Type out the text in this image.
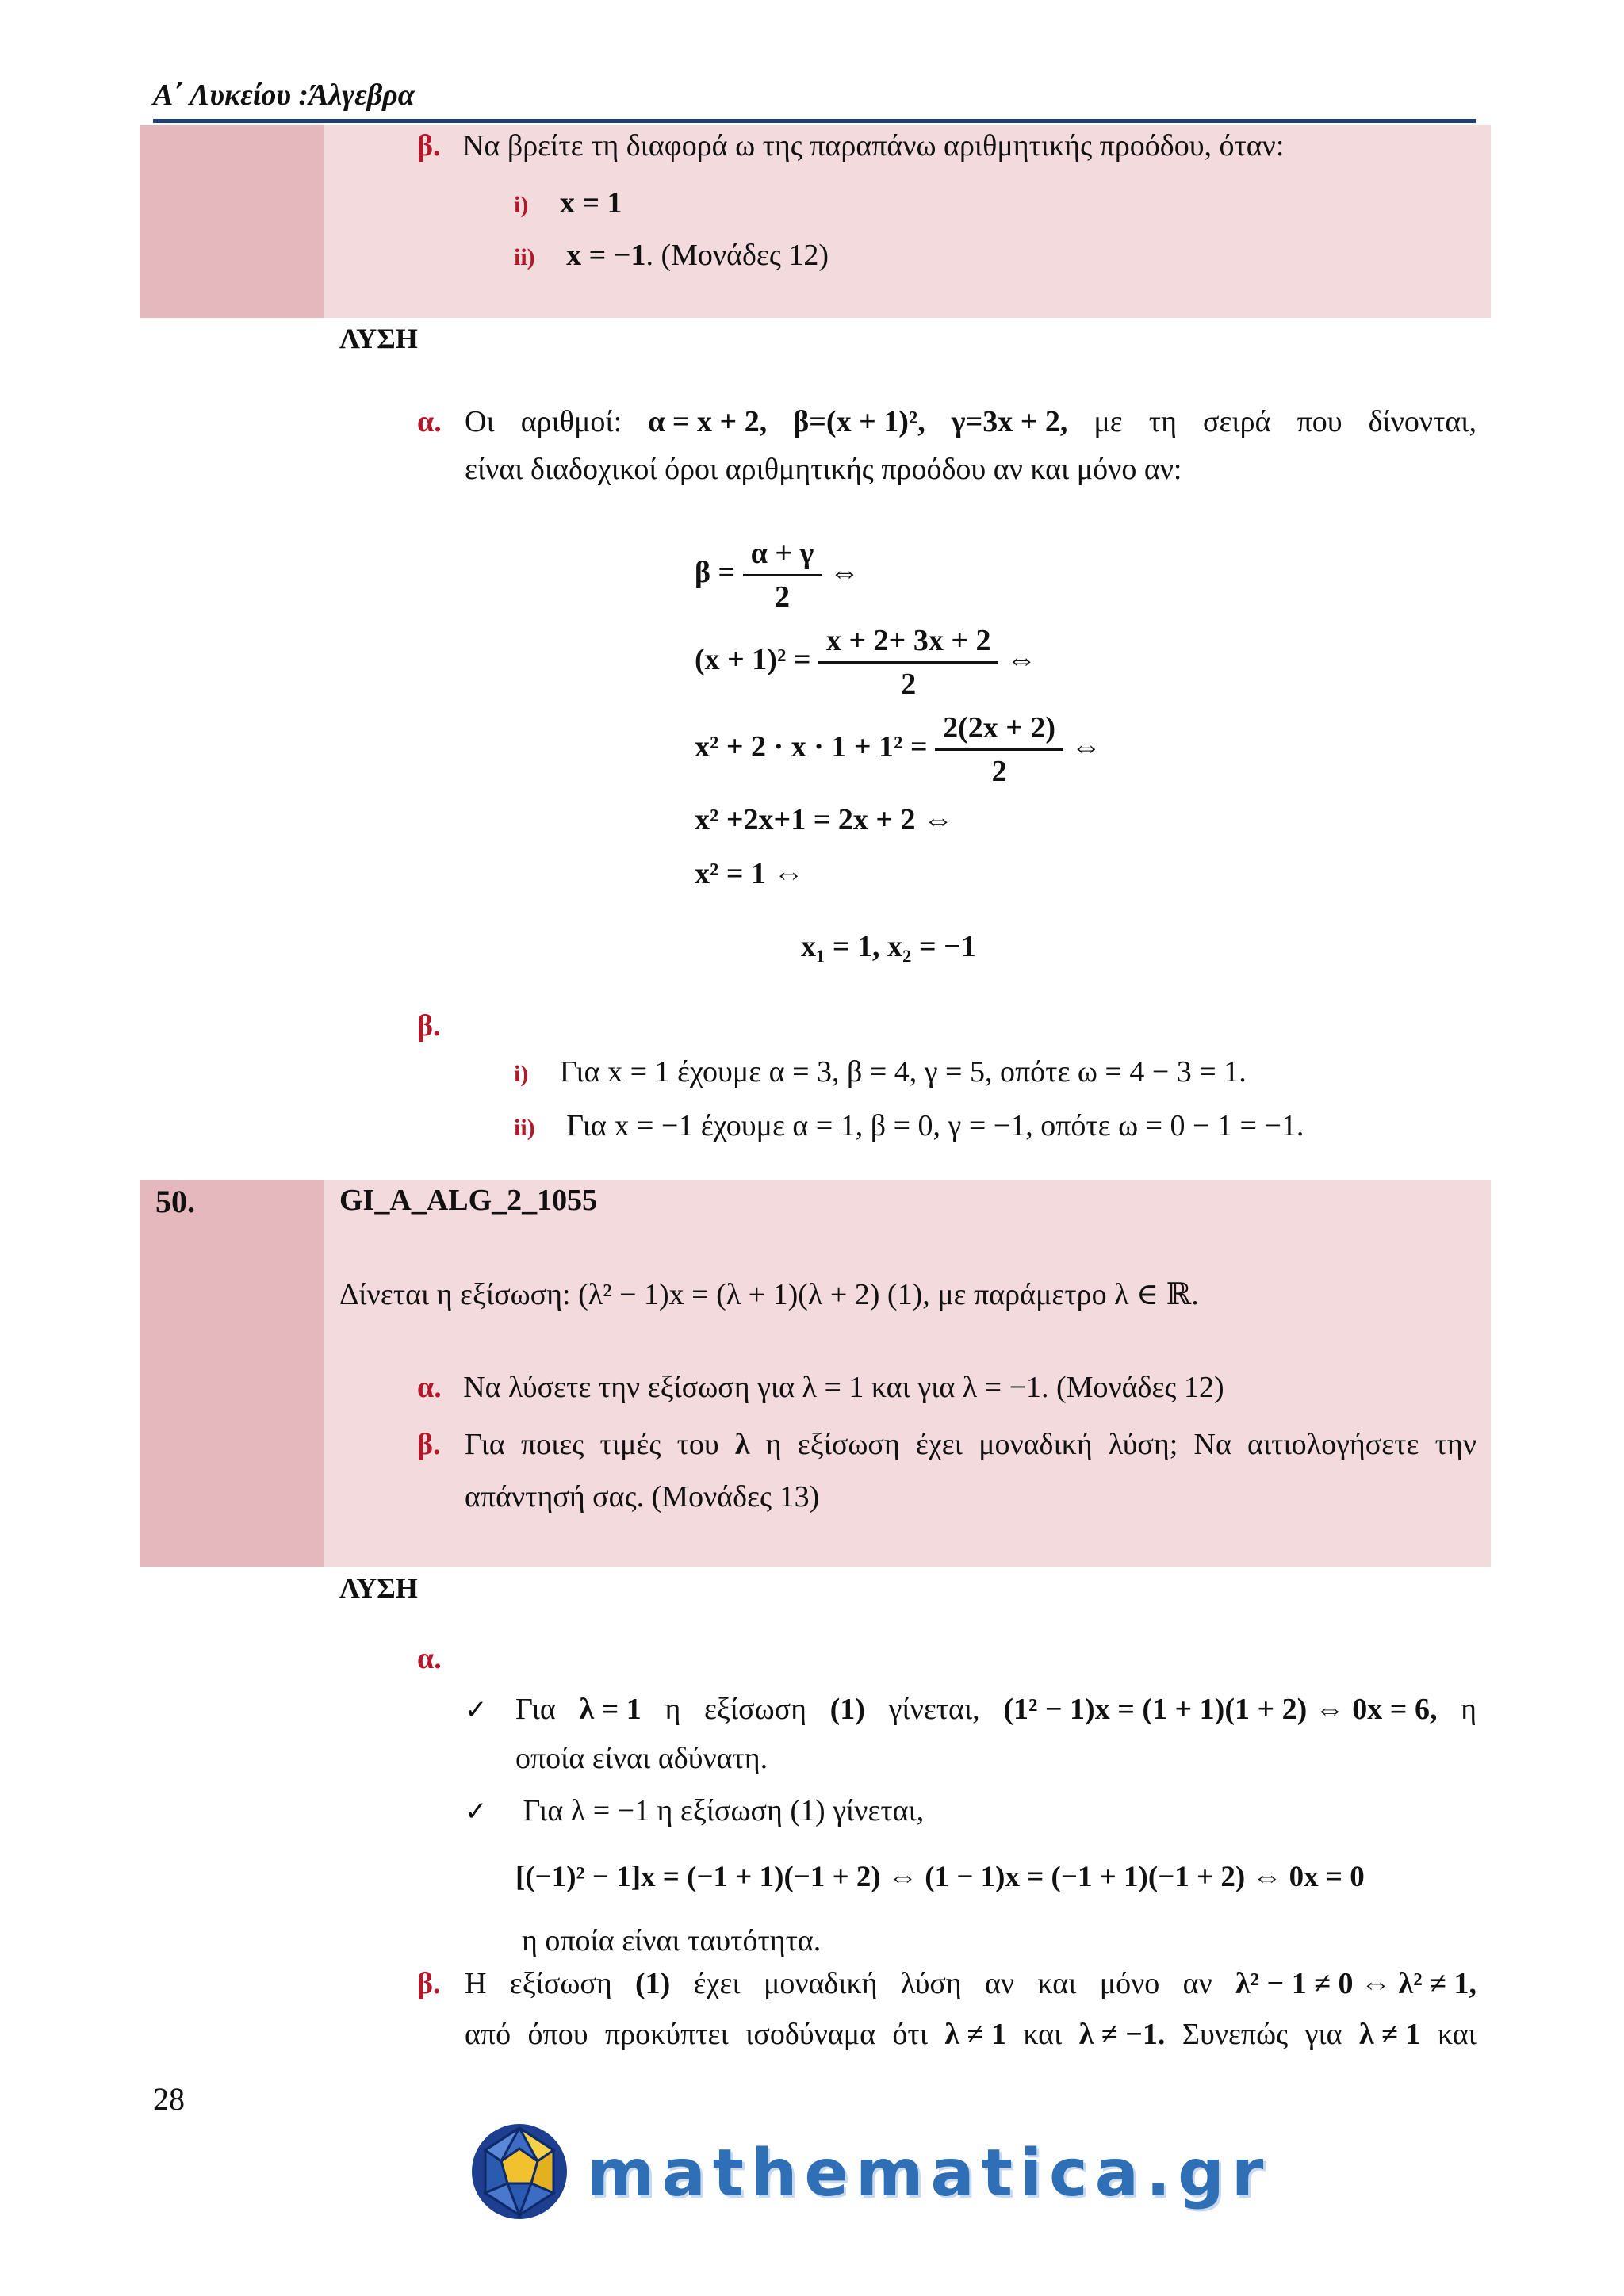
Α΄ Λυκείου :Άλγεβρα
β. Να βρείτε τη διαφορά ω της παραπάνω αριθμητικής προόδου, όταν:
i) x = 1
ii) x = −1. (Μονάδες 12)
ΛΥΣΗ
α. Οι αριθμοί: α = x + 2, β=(x + 1)², γ=3x + 2, με τη σειρά που δίνονται,
είναι διαδοχικοί όροι αριθμητικής προόδου αν και μόνο αν:
$\beta = \frac{\alpha + \gamma}{2}$ ⇔
$(x + 1)^2 = \frac{x + 2+ 3x + 2}{2}$ ⇔
$x^2 + 2 \cdot x \cdot 1 + 1^2 = \frac{2(2x + 2)}{2}$ ⇔
x² +2x+1 = 2x + 2 ⇔
x² = 1 ⇔
x₁ = 1, x₂ = −1
β.
i) Για x = 1 έχουμε α = 3, β = 4, γ = 5, οπότε ω = 4 − 3 = 1.
ii) Για x = −1 έχουμε α = 1, β = 0, γ = −1, οπότε ω = 0 − 1 = −1.
50.	GI_A_ALG_2_1055
Δίνεται η εξίσωση: (λ² − 1)x = (λ + 1)(λ + 2) (1), με παράμετρο λ ∈ ℝ.
α. Να λύσετε την εξίσωση για λ = 1 και για λ = −1. (Μονάδες 12)
β. Για ποιες τιμές του λ η εξίσωση έχει μοναδική λύση; Να αιτιολογήσετε την
απάντησή σας. (Μονάδες 13)
ΛΥΣΗ
α.
✓ Για λ = 1 η εξίσωση (1) γίνεται, (1² − 1)x = (1 + 1)(1 + 2) ⇔ 0x = 6, η
οποία είναι αδύνατη.
✓ Για λ = −1 η εξίσωση (1) γίνεται,
[(−1)² − 1]x = (−1 + 1)(−1 + 2) ⇔ (1 − 1)x = (−1 + 1)(−1 + 2) ⇔ 0x = 0
η οποία είναι ταυτότητα.
β. Η εξίσωση (1) έχει μοναδική λύση αν και μόνο αν λ² − 1 ≠ 0 ⇔ λ² ≠ 1,
από όπου προκύπτει ισοδύναμα ότι λ ≠ 1 και λ ≠ −1. Συνεπώς για λ ≠ 1 και
28
mathematica.gr
